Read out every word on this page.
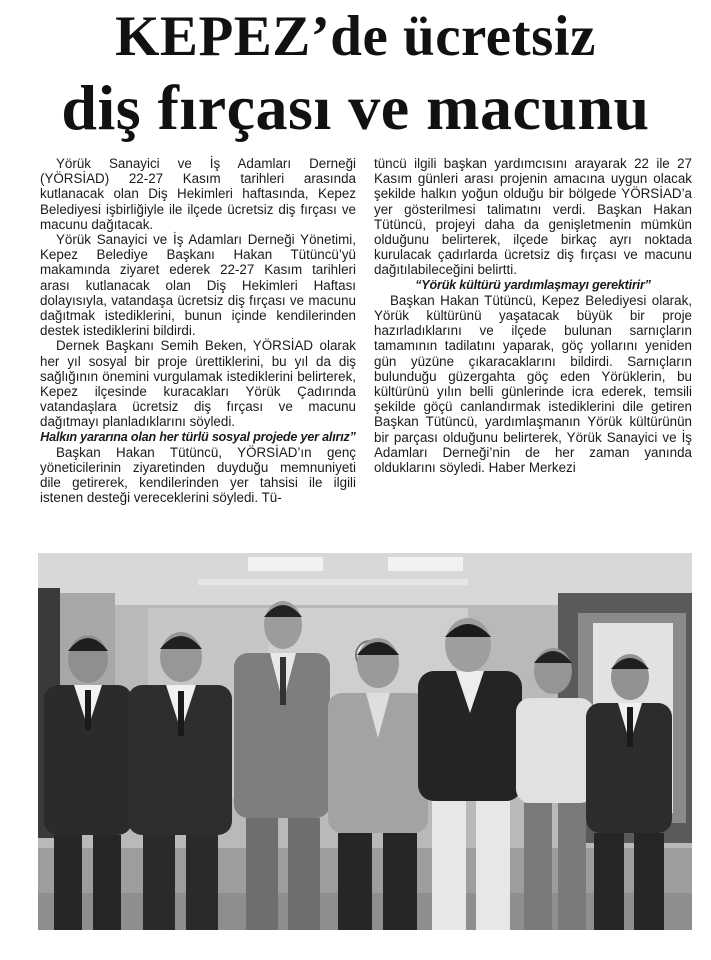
KEPEZ’de ücretsiz
diş fırçası ve macunu

Yörük Sanayici ve İş Adamları Derneği (YÖRSİAD) 22-27 Kasım tarihleri arasında kutlanacak olan Diş Hekimleri haftasında, Kepez Belediyesi işbirliğiyle ile ilçede ücretsiz diş fırçası ve macunu dağıtacak.

Yörük Sanayici ve İş Adamları Derneği Yönetimi, Kepez Belediye Başkanı Hakan Tütüncü’yü makamında ziyaret ederek 22-27 Kasım tarihleri arası kutlanacak olan Diş Hekimleri Haftası dolayısıyla, vatandaşa ücretsiz diş fırçası ve macunu dağıtmak istediklerini, bunun içinde kendilerinden destek istediklerini bildirdi.

Dernek Başkanı Semih Beken, YÖRSİAD olarak her yıl sosyal bir proje ürettiklerini, bu yıl da diş sağlığının önemini vurgulamak istediklerini belirterek, Kepez ilçesinde kuracakları Yörük Çadırında vatandaşlara ücretsiz diş fırçası ve macunu dağıtmayı planladıklarını söyledi.

Halkın yararına olan her türlü sosyal projede yer alırız”

Başkan Hakan Tütüncü, YÖRSİAD’ın genç yöneticilerinin ziyaretinden duyduğu memnuniyeti dile getirerek, kendilerinden yer tahsisi ile ilgili istenen desteği vereceklerini söyledi. Tü-

tüncü ilgili başkan yardımcısını arayarak 22 ile 27 Kasım günleri arası projenin amacına uygun olacak şekilde halkın yoğun olduğu bir bölgede YÖRSİAD’a yer gösterilmesi talimatını verdi. Başkan Hakan Tütüncü, projeyi daha da genişletmenin mümkün olduğunu belirterek, ilçede birkaç ayrı noktada kurulacak çadırlarda ücretsiz diş fırçası ve macunu dağıtılabileceğini belirtti.

“Yörük kültürü yardımlaşmayı gerektirir”

Başkan Hakan Tütüncü, Kepez Belediyesi olarak, Yörük kültürünü yaşatacak büyük bir proje hazırladıklarını ve ilçede bulunan sarnıçların tamamının tadilatını yaparak, göç yollarını yeniden gün yüzüne çıkaracaklarını bildirdi. Sarnıçların bulunduğu güzergahta göç eden Yörüklerin, bu kültürünü yılın belli günlerinde icra ederek, temsili şekilde göçü canlandırmak istediklerini dile getiren Başkan Tütüncü, yardımlaşmanın Yörük kültürünün bir parçası olduğunu belirterek, Yörük Sanayici ve İş Adamları Derneği’nin de her zaman yanında olduklarını söyledi. Haber Merkezi
